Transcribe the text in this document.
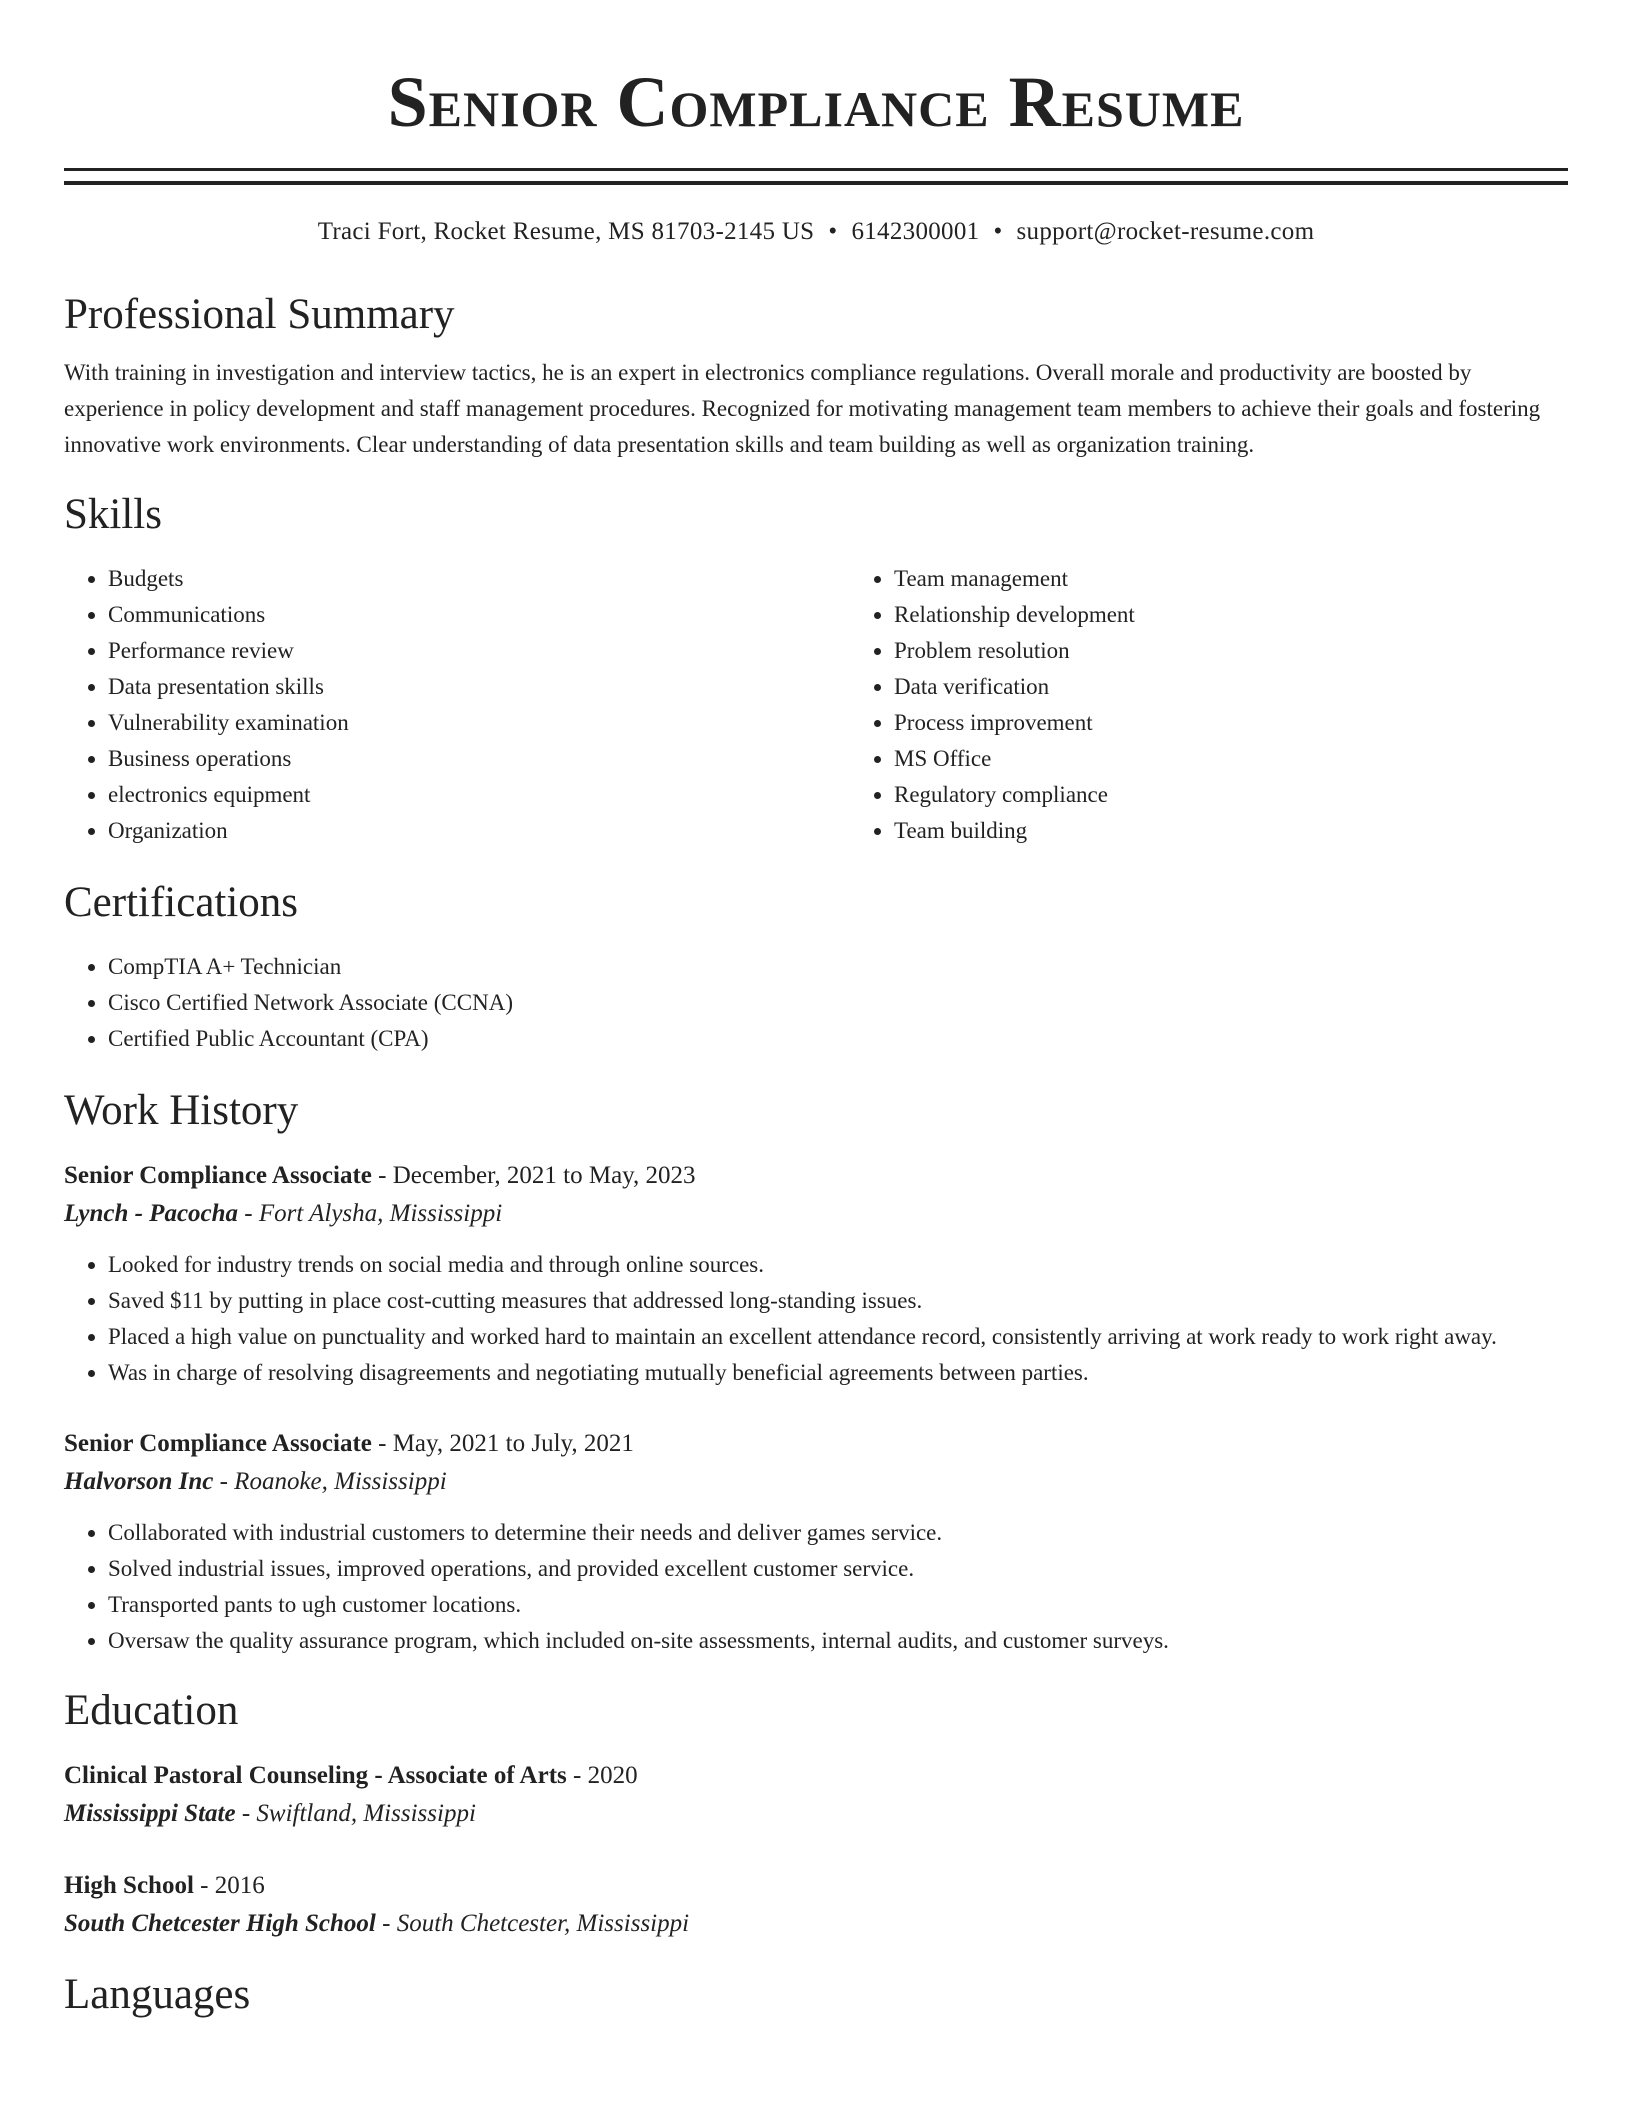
Senior Compliance Resume
Traci Fort, Rocket Resume, MS 81703-2145 US • 6142300001 • support@rocket-resume.com
Professional Summary
With training in investigation and interview tactics, he is an expert in electronics compliance regulations. Overall morale and productivity are boosted by experience in policy development and staff management procedures. Recognized for motivating management team members to achieve their goals and fostering innovative work environments. Clear understanding of data presentation skills and team building as well as organization training.
Skills
• Budgets
• Communications
• Performance review
• Data presentation skills
• Vulnerability examination
• Business operations
• electronics equipment
• Organization
• Team management
• Relationship development
• Problem resolution
• Data verification
• Process improvement
• MS Office
• Regulatory compliance
• Team building
Certifications
• CompTIA A+ Technician
• Cisco Certified Network Associate (CCNA)
• Certified Public Accountant (CPA)
Work History
Senior Compliance Associate - December, 2021 to May, 2023
Lynch - Pacocha - Fort Alysha, Mississippi
• Looked for industry trends on social media and through online sources.
• Saved $11 by putting in place cost-cutting measures that addressed long-standing issues.
• Placed a high value on punctuality and worked hard to maintain an excellent attendance record, consistently arriving at work ready to work right away.
• Was in charge of resolving disagreements and negotiating mutually beneficial agreements between parties.
Senior Compliance Associate - May, 2021 to July, 2021
Halvorson Inc - Roanoke, Mississippi
• Collaborated with industrial customers to determine their needs and deliver games service.
• Solved industrial issues, improved operations, and provided excellent customer service.
• Transported pants to ugh customer locations.
• Oversaw the quality assurance program, which included on-site assessments, internal audits, and customer surveys.
Education
Clinical Pastoral Counseling - Associate of Arts - 2020
Mississippi State - Swiftland, Mississippi
High School - 2016
South Chetcester High School - South Chetcester, Mississippi
Languages
